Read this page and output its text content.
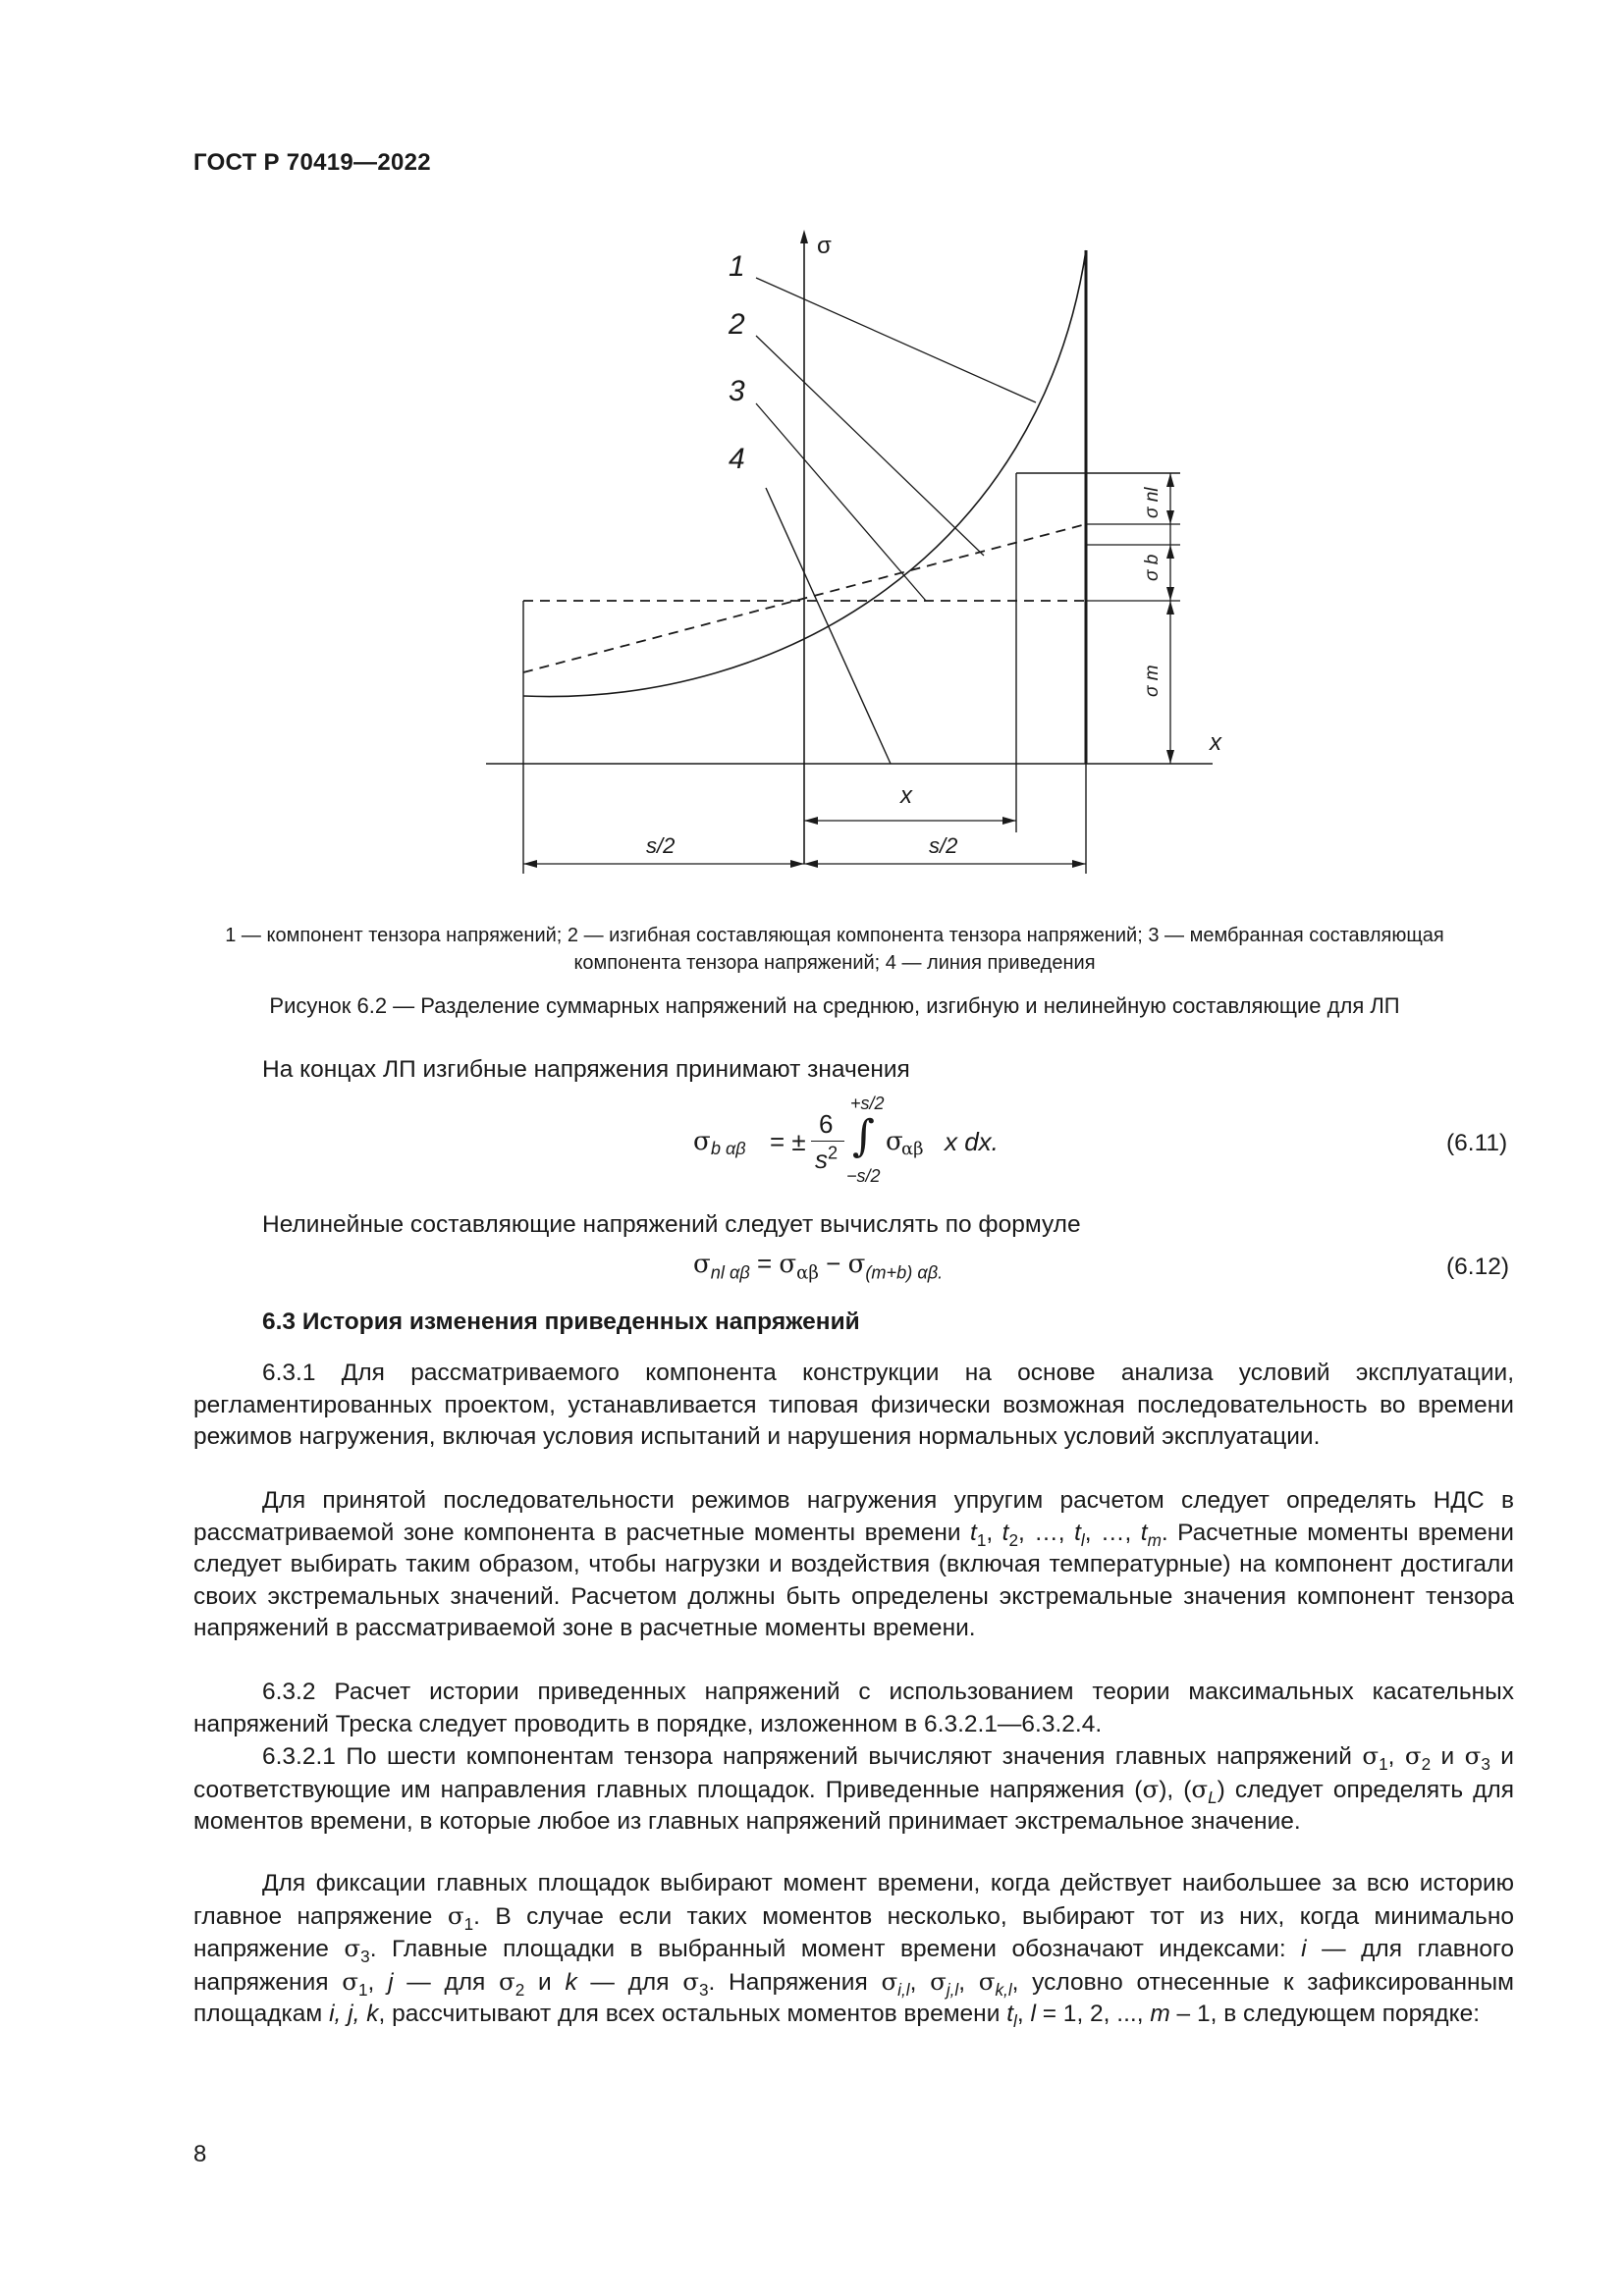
ГОСТ Р 70419—2022
1
2
3
4
σ
x
x
s/2	s/2
σ nl
σ b
σ m
1 — компонент тензора напряжений; 2 — изгибная составляющая компонента тензора напряжений; 3 — мембранная составляющая
компонента тензора напряжений; 4 — линия приведения
Рисунок 6.2 — Разделение суммарных напряжений на среднюю, изгибную и нелинейную составляющие для ЛП
На концах ЛП изгибные напряжения принимают значения
σ b αβ = ±
6
$s^2$ ∫
+s/2
−s/2
σ
αβ x dx.	(6.11)
Нелинейные составляющие напряжений следует вычислять по формуле
$\sigma_{nl \alpha\beta} = \sigma_{\alpha\beta} - \sigma_{(m+b) \alpha\beta.}$	(6.12)
6.3 История изменения приведенных напряжений
6.3.1 Для рассматриваемого компонента конструкции на основе анализа условий эксплуатации, регламентированных проектом, устанавливается типовая физически возможная последовательность во времени режимов нагружения, включая условия испытаний и нарушения нормальных условий эксплуатации.
Для принятой последовательности режимов нагружения упругим расчетом следует определять НДС в рассматриваемой зоне компонента в расчетные моменты времени $t_1$, $t_2$, …, $t_l$, …, $t_m$. Расчетные моменты времени следует выбирать таким образом, чтобы нагрузки и воздействия (включая температурные) на компонент достигали своих экстремальных значений. Расчетом должны быть определены экстремальные значения компонент тензора напряжений в рассматриваемой зоне в расчетные моменты времени.
6.3.2 Расчет истории приведенных напряжений с использованием теории максимальных касательных напряжений Треска следует проводить в порядке, изложенном в 6.3.2.1—6.3.2.4.
6.3.2.1 По шести компонентам тензора напряжений вычисляют значения главных напряжений $\sigma_1$, $\sigma_2$ и $\sigma_3$ и соответствующие им направления главных площадок. Приведенные напряжения (σ), $(\sigma_L)$ следует определять для моментов времени, в которые любое из главных напряжений принимает экстремальное значение.
Для фиксации главных площадок выбирают момент времени, когда действует наибольшее за всю историю главное напряжение $\sigma_1$. В случае если таких моментов несколько, выбирают тот из них, когда минимально напряжение $\sigma_3$. Главные площадки в выбранный момент времени обозначают индексами: i — для главного напряжения $\sigma_1$, j — для $\sigma_2$ и k — для $\sigma_3$. Напряжения $\sigma_{i,l}$, $\sigma_{j,l}$, $\sigma_{k,l}$, условно отнесенные к зафиксированным площадкам i, j, k, рассчитывают для всех остальных моментов времени $t_l$, l = 1, 2, ..., m – 1, в следующем порядке:
8
